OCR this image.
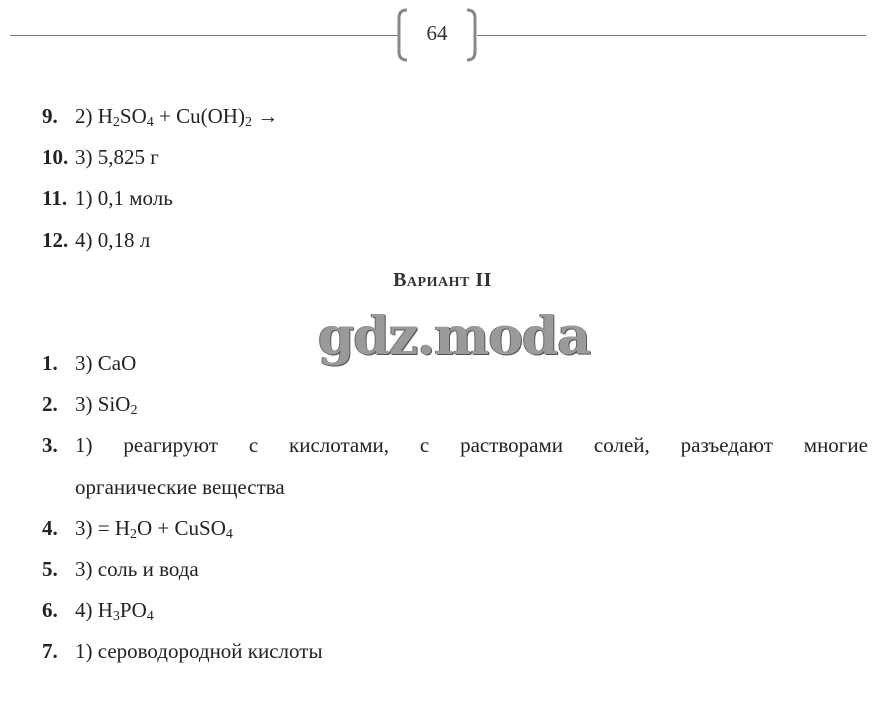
64
9. 2) $H_2SO_4 + Cu(OH)_2$ →
10. 3) 5,825 г
11. 1) 0,1 моль
12. 4) 0,18 л
Вариант II
gdz.moda
1. 3) CaO
2. 3) SiO$_2$
3. 1) реагируют с кислотами, с растворами солей, разъедают многие
органические вещества
4. $3) = H_2O$ + CuSO$_4$
5. 3) соль и вода
6. 4) $H_3PO_4$
7. 1) сероводородной кислоты
